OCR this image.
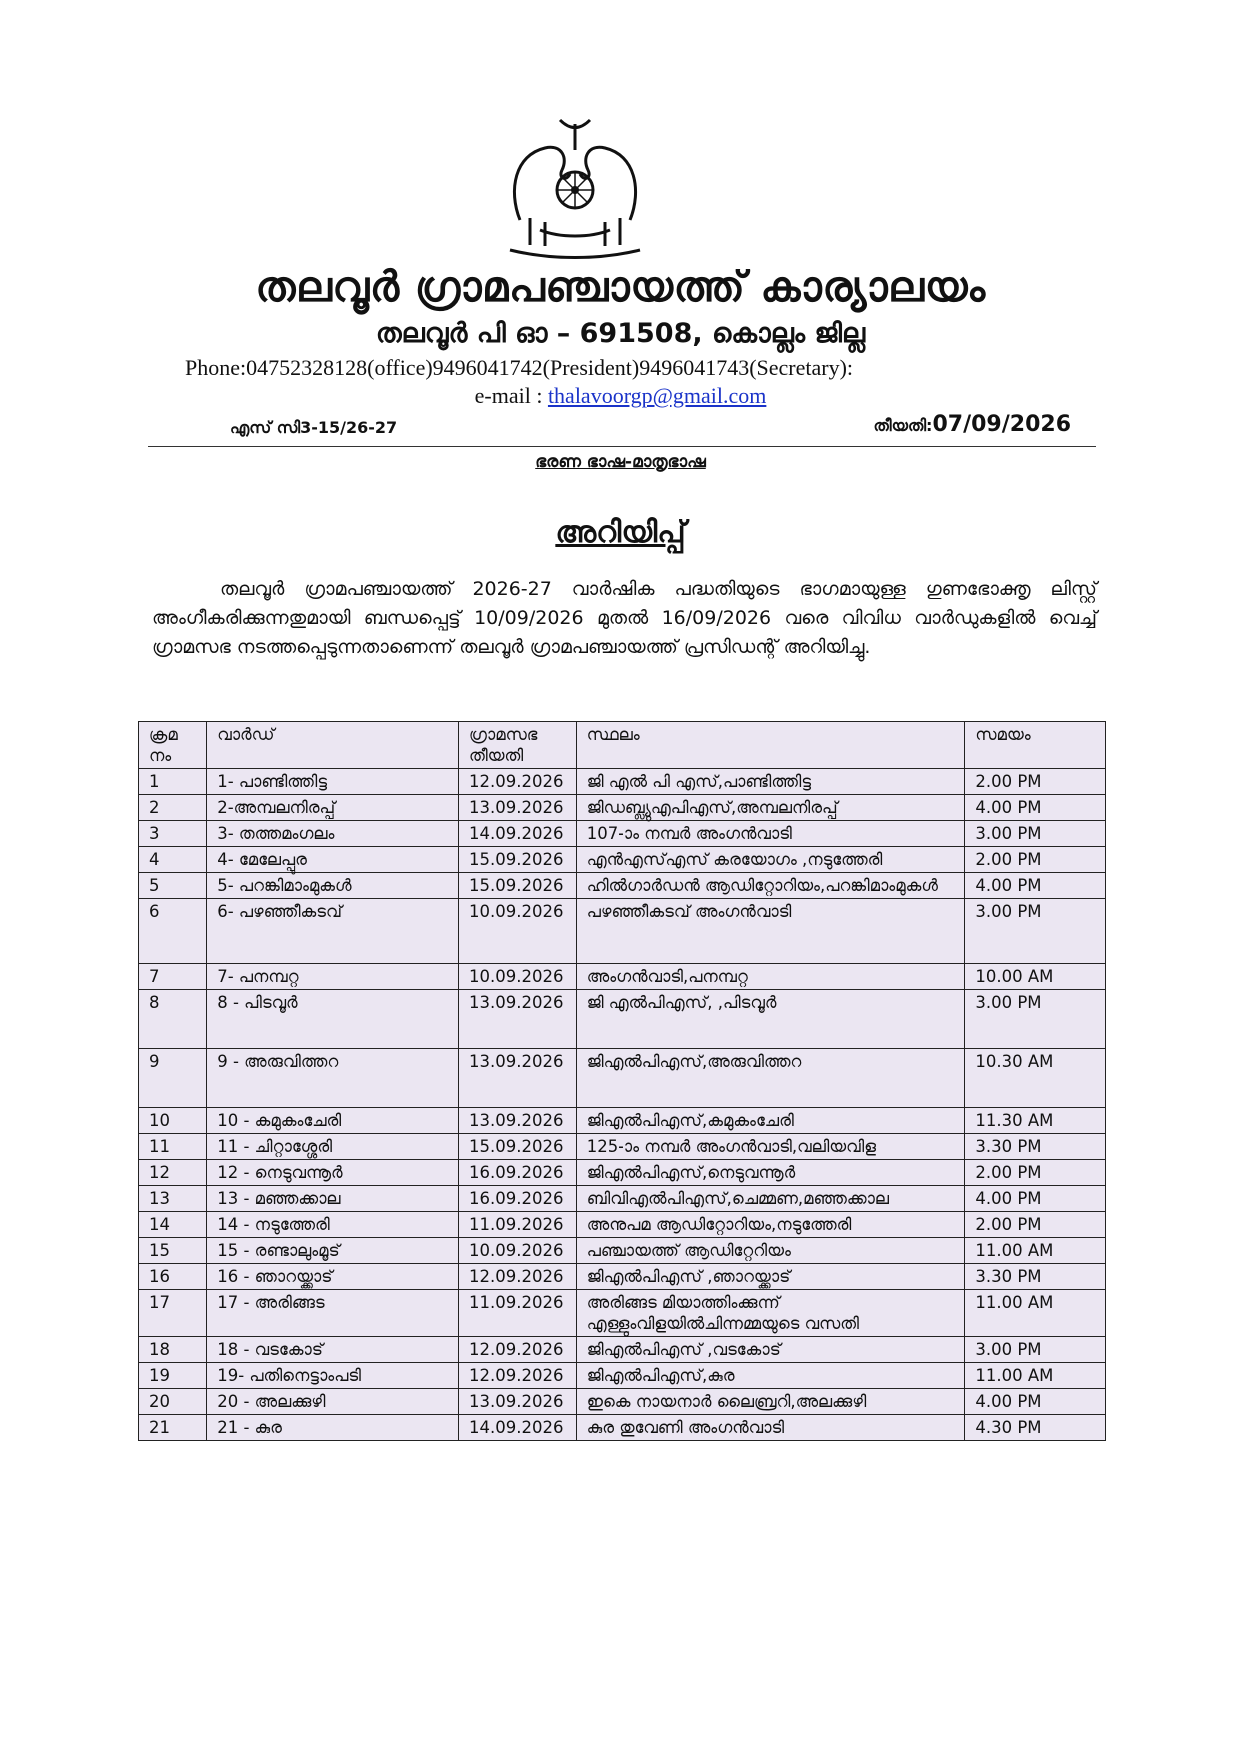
തലവൂർ ഗ്രാമപഞ്ചായത്ത് കാര്യാലയം
തലവൂർ പി ഓ – 691508, കൊല്ലം ജില്ല
Phone:04752328128(office)9496041742(President)9496041743(Secretary):
e-mail : thalavoorgp@gmail.com
എസ് സി3-15/26-27	തീയതി:07/09/2026
ഭരണ ഭാഷ-മാതൃഭാഷ
അറിയിപ്പ്
തലവൂർ ഗ്രാമപഞ്ചായത്ത് 2026-27 വാർഷിക പദ്ധതിയുടെ ഭാഗമായുള്ള ഗുണഭോക്തൃ ലിസ്റ്റ് അംഗീകരിക്കുന്നതുമായി ബന്ധപ്പെട്ട് 10/09/2026 മുതൽ 16/09/2026 വരെ വിവിധ വാർഡുകളിൽ വെച്ച് ഗ്രാമസഭ നടത്തപ്പെടുന്നതാണെന്ന് തലവൂർ ഗ്രാമപഞ്ചായത്ത് പ്രസിഡന്റ് അറിയിച്ചു.
ക്രമ നം	വാർഡ്	ഗ്രാമസഭ തീയതി	സ്ഥലം	സമയം
1	1- പാണ്ടിത്തിട്ട	12.09.2026	ജി എൽ പി എസ്,പാണ്ടിത്തിട്ട	2.00 PM
2	2-അമ്പലനിരപ്പ്	13.09.2026	ജിഡബ്ല്യുഎപിഎസ്,അമ്പലനിരപ്പ്	4.00 PM
3	3- തത്തമംഗലം	14.09.2026	107-ാം നമ്പർ അംഗൻവാടി	3.00 PM
4	4- മേലേപ്പുര	15.09.2026	എൻഎസ്എസ് കരയോഗം ,നടുത്തേരി	2.00 PM
5	5- പറങ്കിമാംമുകൾ	15.09.2026	ഹിൽഗാർഡൻ ആഡിറ്റോറിയം,പറങ്കിമാംമുകൾ	4.00 PM
6	6- പഴഞ്ഞീകടവ്	10.09.2026	പഴഞ്ഞീകടവ് അംഗൻവാടി	3.00 PM
7	7- പനമ്പറ്റ	10.09.2026	അംഗൻവാടി,പനമ്പറ്റ	10.00 AM
8	8 - പിടവൂർ	13.09.2026	ജി എൽപിഎസ്, ,പിടവൂർ	3.00 PM
9	9 - അരുവിത്തറ	13.09.2026	ജിഎൽപിഎസ്,അരുവിത്തറ	10.30 AM
10	10 - കമുകംചേരി	13.09.2026	ജിഎൽപിഎസ്,കമുകംചേരി	11.30 AM
11	11 - ചിറ്റാശ്ശേരി	15.09.2026	125-ാം നമ്പർ അംഗൻവാടി,വലിയവിള	3.30 PM
12	12 - നെടുവന്നൂർ	16.09.2026	ജിഎൽപിഎസ്,നെടുവന്നൂർ	2.00 PM
13	13 - മഞ്ഞക്കാല	16.09.2026	ബിവിഎൽപിഎസ്,ചെമ്മണ,മഞ്ഞക്കാല	4.00 PM
14	14 - നടുത്തേരി	11.09.2026	അനുപമ ആഡിറ്റോറിയം,നടുത്തേരി	2.00 PM
15	15 - രണ്ടാലുംമൂട്	10.09.2026	പഞ്ചായത്ത് ആഡിറ്റേറിയം	11.00 AM
16	16 - ഞാറയ്ക്കാട്	12.09.2026	ജിഎൽപിഎസ് ,ഞാറയ്ക്കാട്	3.30 PM
17	17 - അരിങ്ങട	11.09.2026	അരിങ്ങട മിയാത്തിംക്കുന്ന് എള്ളുംവിളയിൽചിന്നമ്മയുടെ വസതി	11.00 AM
18	18 - വടകോട്	12.09.2026	ജിഎൽപിഎസ് ,വടകോട്	3.00 PM
19	19- പതിനെട്ടാംപടി	12.09.2026	ജിഎൽപിഎസ്,കുര	11.00 AM
20	20 - അലക്കുഴി	13.09.2026	ഇകെ നായനാർ ലൈബ്രറി,അലക്കുഴി	4.00 PM
21	21 - കുര	14.09.2026	കുര തുവേണി അംഗൻവാടി	4.30 PM
